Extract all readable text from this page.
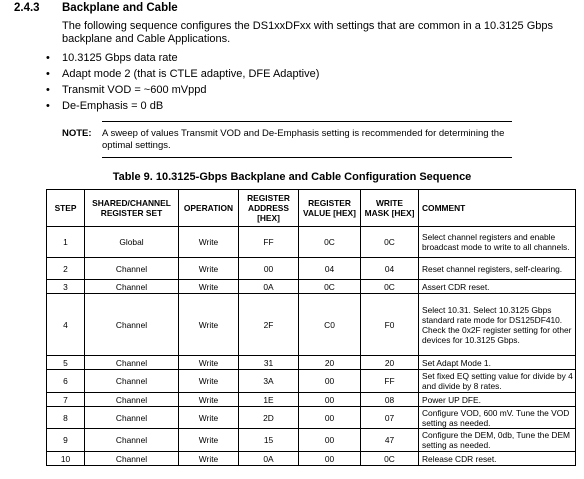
2.4.3 Backplane and Cable
The following sequence configures the DS1xxDFxx with settings that are common in a 10.3125 Gbps backplane and Cable Applications.
• 10.3125 Gbps data rate
• Adapt mode 2 (that is CTLE adaptive, DFE Adaptive)
• Transmit VOD = ~600 mVppd
• De-Emphasis = 0 dB
NOTE: A sweep of values Transmit VOD and De-Emphasis setting is recommended for determining the optimal settings.
Table 9. 10.3125-Gbps Backplane and Cable Configuration Sequence
STEP	SHARED/CHANNEL REGISTER SET	OPERATION	REGISTER ADDRESS [HEX]	REGISTER VALUE [HEX]	WRITE MASK [HEX]	COMMENT
1	Global	Write	FF	0C	0C	Select channel registers and enable broadcast mode to write to all channels.
2	Channel	Write	00	04	04	Reset channel registers, self-clearing.
3	Channel	Write	0A	0C	0C	Assert CDR reset.
4	Channel	Write	2F	C0	F0	Select 10.31. Select 10.3125 Gbps standard rate mode for DS125DF410. Check the 0x2F register setting for other devices for 10.3125 Gbps.
5	Channel	Write	31	20	20	Set Adapt Mode 1.
6	Channel	Write	3A	00	FF	Set fixed EQ setting value for divide by 4 and divide by 8 rates.
7	Channel	Write	1E	00	08	Power UP DFE.
8	Channel	Write	2D	00	07	Configure VOD, 600 mV. Tune the VOD setting as needed.
9	Channel	Write	15	00	47	Configure the DEM, 0db, Tune the DEM setting as needed.
10	Channel	Write	0A	00	0C	Release CDR reset.
